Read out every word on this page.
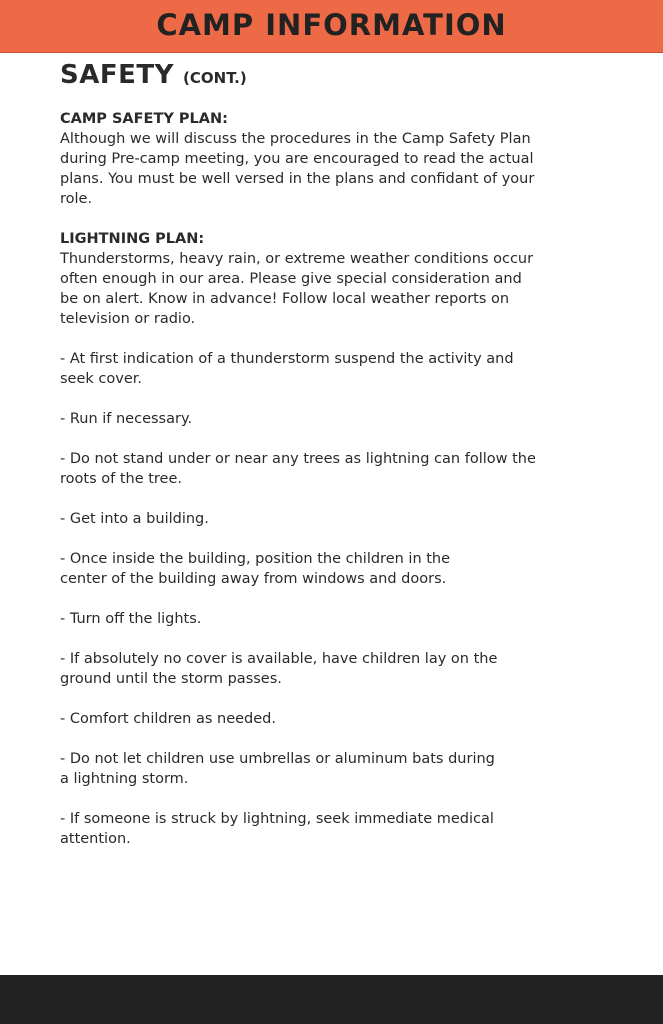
CAMP INFORMATION
SAFETY (CONT.)
CAMP SAFETY PLAN:
Although we will discuss the procedures in the Camp Safety Plan
during Pre-camp meeting, you are encouraged to read the actual
plans. You must be well versed in the plans and confidant of your
role.
LIGHTNING PLAN:
Thunderstorms, heavy rain, or extreme weather conditions occur
often enough in our area. Please give special consideration and
be on alert. Know in advance! Follow local weather reports on
television or radio.

- At first indication of a thunderstorm suspend the activity and
seek cover.

- Run if necessary.

- Do not stand under or near any trees as lightning can follow the
roots of the tree.

- Get into a building.

- Once inside the building, position the children in the
center of the building away from windows and doors.

- Turn off the lights.

- If absolutely no cover is available, have children lay on the
ground until the storm passes.

- Comfort children as needed.

- Do not let children use umbrellas or aluminum bats during
a lightning storm.

- If someone is struck by lightning, seek immediate medical
attention.
